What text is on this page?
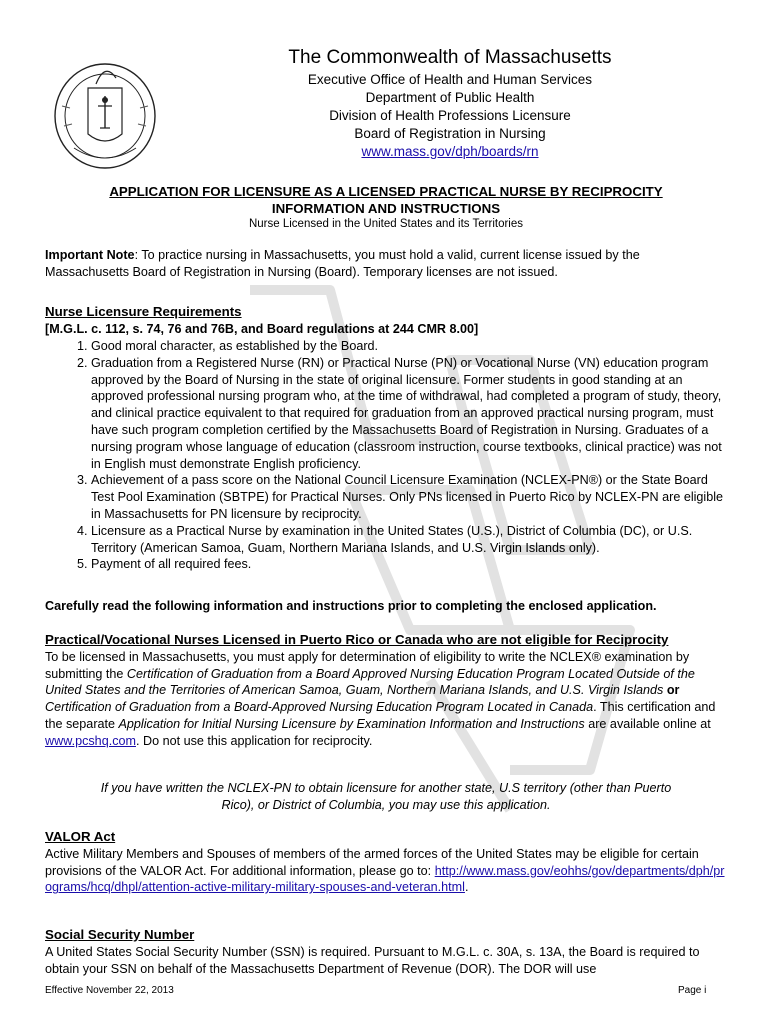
The Commonwealth of Massachusetts
Executive Office of Health and Human Services
Department of Public Health
Division of Health Professions Licensure
Board of Registration in Nursing
www.mass.gov/dph/boards/rn
APPLICATION FOR LICENSURE AS A LICENSED PRACTICAL NURSE BY RECIPROCITY
INFORMATION AND INSTRUCTIONS
Nurse Licensed in the United States and its Territories
Important Note: To practice nursing in Massachusetts, you must hold a valid, current license issued by the Massachusetts Board of Registration in Nursing (Board). Temporary licenses are not issued.
Nurse Licensure Requirements
[M.G.L. c. 112, s. 74, 76 and 76B, and Board regulations at 244 CMR 8.00]
1. Good moral character, as established by the Board.
2. Graduation from a Registered Nurse (RN) or Practical Nurse (PN) or Vocational Nurse (VN) education program approved by the Board of Nursing in the state of original licensure. Former students in good standing at an approved professional nursing program who, at the time of withdrawal, had completed a program of study, theory, and clinical practice equivalent to that required for graduation from an approved practical nursing program, must have such program completion certified by the Massachusetts Board of Registration in Nursing. Graduates of a nursing program whose language of education (classroom instruction, course textbooks, clinical practice) was not in English must demonstrate English proficiency.
3. Achievement of a pass score on the National Council Licensure Examination (NCLEX-PN®) or the State Board Test Pool Examination (SBTPE) for Practical Nurses. Only PNs licensed in Puerto Rico by NCLEX-PN are eligible in Massachusetts for PN licensure by reciprocity.
4. Licensure as a Practical Nurse by examination in the United States (U.S.), District of Columbia (DC), or U.S. Territory (American Samoa, Guam, Northern Mariana Islands, and U.S. Virgin Islands only).
5. Payment of all required fees.
Carefully read the following information and instructions prior to completing the enclosed application.
Practical/Vocational Nurses Licensed in Puerto Rico or Canada who are not eligible for Reciprocity
To be licensed in Massachusetts, you must apply for determination of eligibility to write the NCLEX® examination by submitting the Certification of Graduation from a Board Approved Nursing Education Program Located Outside of the United States and the Territories of American Samoa, Guam, Northern Mariana Islands, and U.S. Virgin Islands or Certification of Graduation from a Board-Approved Nursing Education Program Located in Canada. This certification and the separate Application for Initial Nursing Licensure by Examination Information and Instructions are available online at www.pcshq.com. Do not use this application for reciprocity.
If you have written the NCLEX-PN to obtain licensure for another state, U.S territory (other than Puerto Rico), or District of Columbia, you may use this application.
VALOR Act
Active Military Members and Spouses of members of the armed forces of the United States may be eligible for certain provisions of the VALOR Act. For additional information, please go to: http://www.mass.gov/eohhs/gov/departments/dph/programs/hcq/dhpl/attention-active-military-military-spouses-and-veteran.html.
Social Security Number
A United States Social Security Number (SSN) is required. Pursuant to M.G.L. c. 30A, s. 13A, the Board is required to obtain your SSN on behalf of the Massachusetts Department of Revenue (DOR). The DOR will use
Effective November 22, 2013	Page i
